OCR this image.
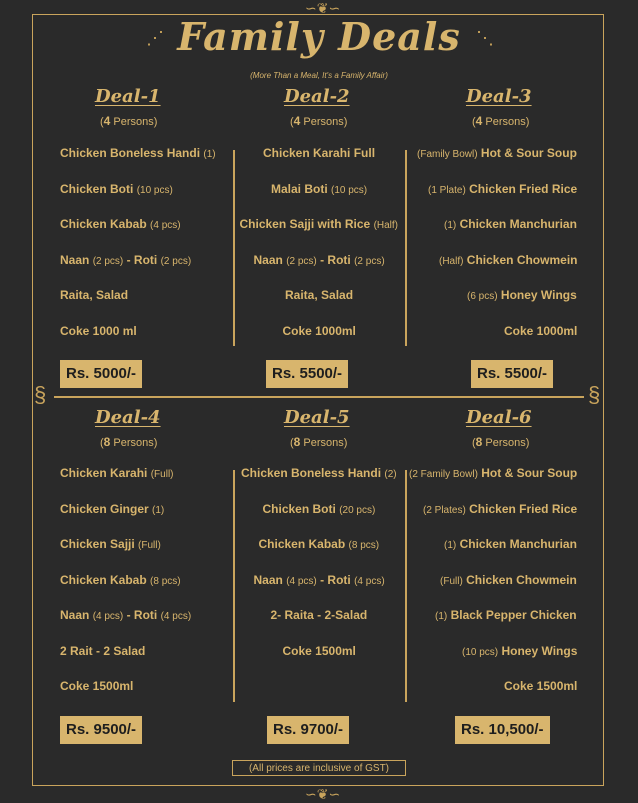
∽❦∽
⋰	⋱
Family Deals
(More Than a Meal, It's a Family Affair)
§	§
Deal-1
(4 Persons)
Chicken Boneless Handi (1)
Chicken Boti (10 pcs)
Chicken Kabab (4 pcs)
Naan (2 pcs) - Roti (2 pcs)
Raita, Salad
Coke 1000 ml
Rs. 5000/-
Deal-2
(4 Persons)
Chicken Karahi Full
Malai Boti (10 pcs)
Chicken Sajji with Rice (Half)
Naan (2 pcs) - Roti (2 pcs)
Raita, Salad
Coke 1000ml
Rs. 5500/-
Deal-3
(4 Persons)
(Family Bowl) Hot & Sour Soup
(1 Plate) Chicken Fried Rice
(1) Chicken Manchurian
(Half) Chicken Chowmein
(6 pcs) Honey Wings
Coke 1000ml
Rs. 5500/-
Deal-4
(8 Persons)
Chicken Karahi (Full)
Chicken Ginger (1)
Chicken Sajji (Full)
Chicken Kabab (8 pcs)
Naan (4 pcs) - Roti (4 pcs)
2 Rait - 2 Salad
Coke 1500ml
Rs. 9500/-
Deal-5
(8 Persons)
Chicken Boneless Handi (2)
Chicken Boti (20 pcs)
Chicken Kabab (8 pcs)
Naan (4 pcs) - Roti (4 pcs)
2- Raita - 2-Salad
Coke 1500ml
Rs. 9700/-
Deal-6
(8 Persons)
(2 Family Bowl) Hot & Sour Soup
(2 Plates) Chicken Fried Rice
(1) Chicken Manchurian
(Full) Chicken Chowmein
(1) Black Pepper Chicken
(10 pcs) Honey Wings
Coke 1500ml
Rs. 10,500/-
(All prices are inclusive of GST)
∽❦∽
